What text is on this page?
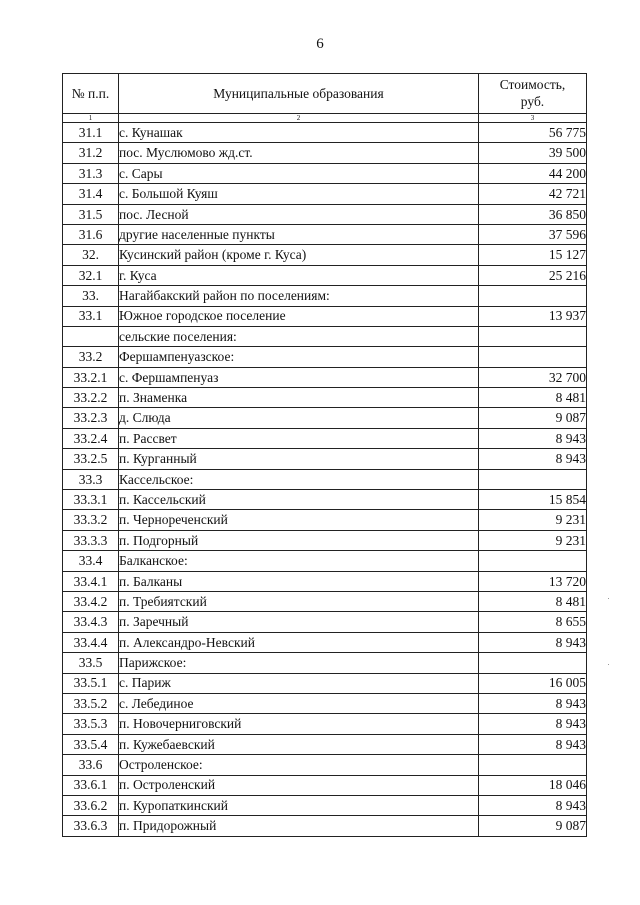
6
№ п.п.	Муниципальные образования	Стоимость,
руб.
1	2	3
31.1	с. Кунашак	56 775
31.2	пос. Муслюмово жд.ст.	39 500
31.3	с. Сары	44 200
31.4	с. Большой Куяш	42 721
31.5	пос. Лесной	36 850
31.6	другие населенные пункты	37 596
32.	Кусинский район (кроме г. Куса)	15 127
32.1	г. Куса	25 216
33.	Нагайбакский район по поселениям:	
33.1	Южное городское поселение	13 937
	сельские поселения:	
33.2	Фершампенуазское:	
33.2.1	с. Фершампенуаз	32 700
33.2.2	п. Знаменка	8 481
33.2.3	д. Слюда	9 087
33.2.4	п. Рассвет	8 943
33.2.5	п. Курганный	8 943
33.3	Кассельское:	
33.3.1	п. Кассельский	15 854
33.3.2	п. Чернореченский	9 231
33.3.3	п. Подгорный	9 231
33.4	Балканское:	
33.4.1	п. Балканы	13 720
33.4.2	п. Требиятский	8 481
33.4.3	п. Заречный	8 655
33.4.4	п. Александро-Невский	8 943
33.5	Парижское:	
33.5.1	с. Париж	16 005
33.5.2	с. Лебединое	8 943
33.5.3	п. Новочерниговский	8 943
33.5.4	п. Кужебаевский	8 943
33.6	Остроленское:	
33.6.1	п. Остроленский	18 046
33.6.2	п. Куропаткинский	8 943
33.6.3	п. Придорожный	9 087
